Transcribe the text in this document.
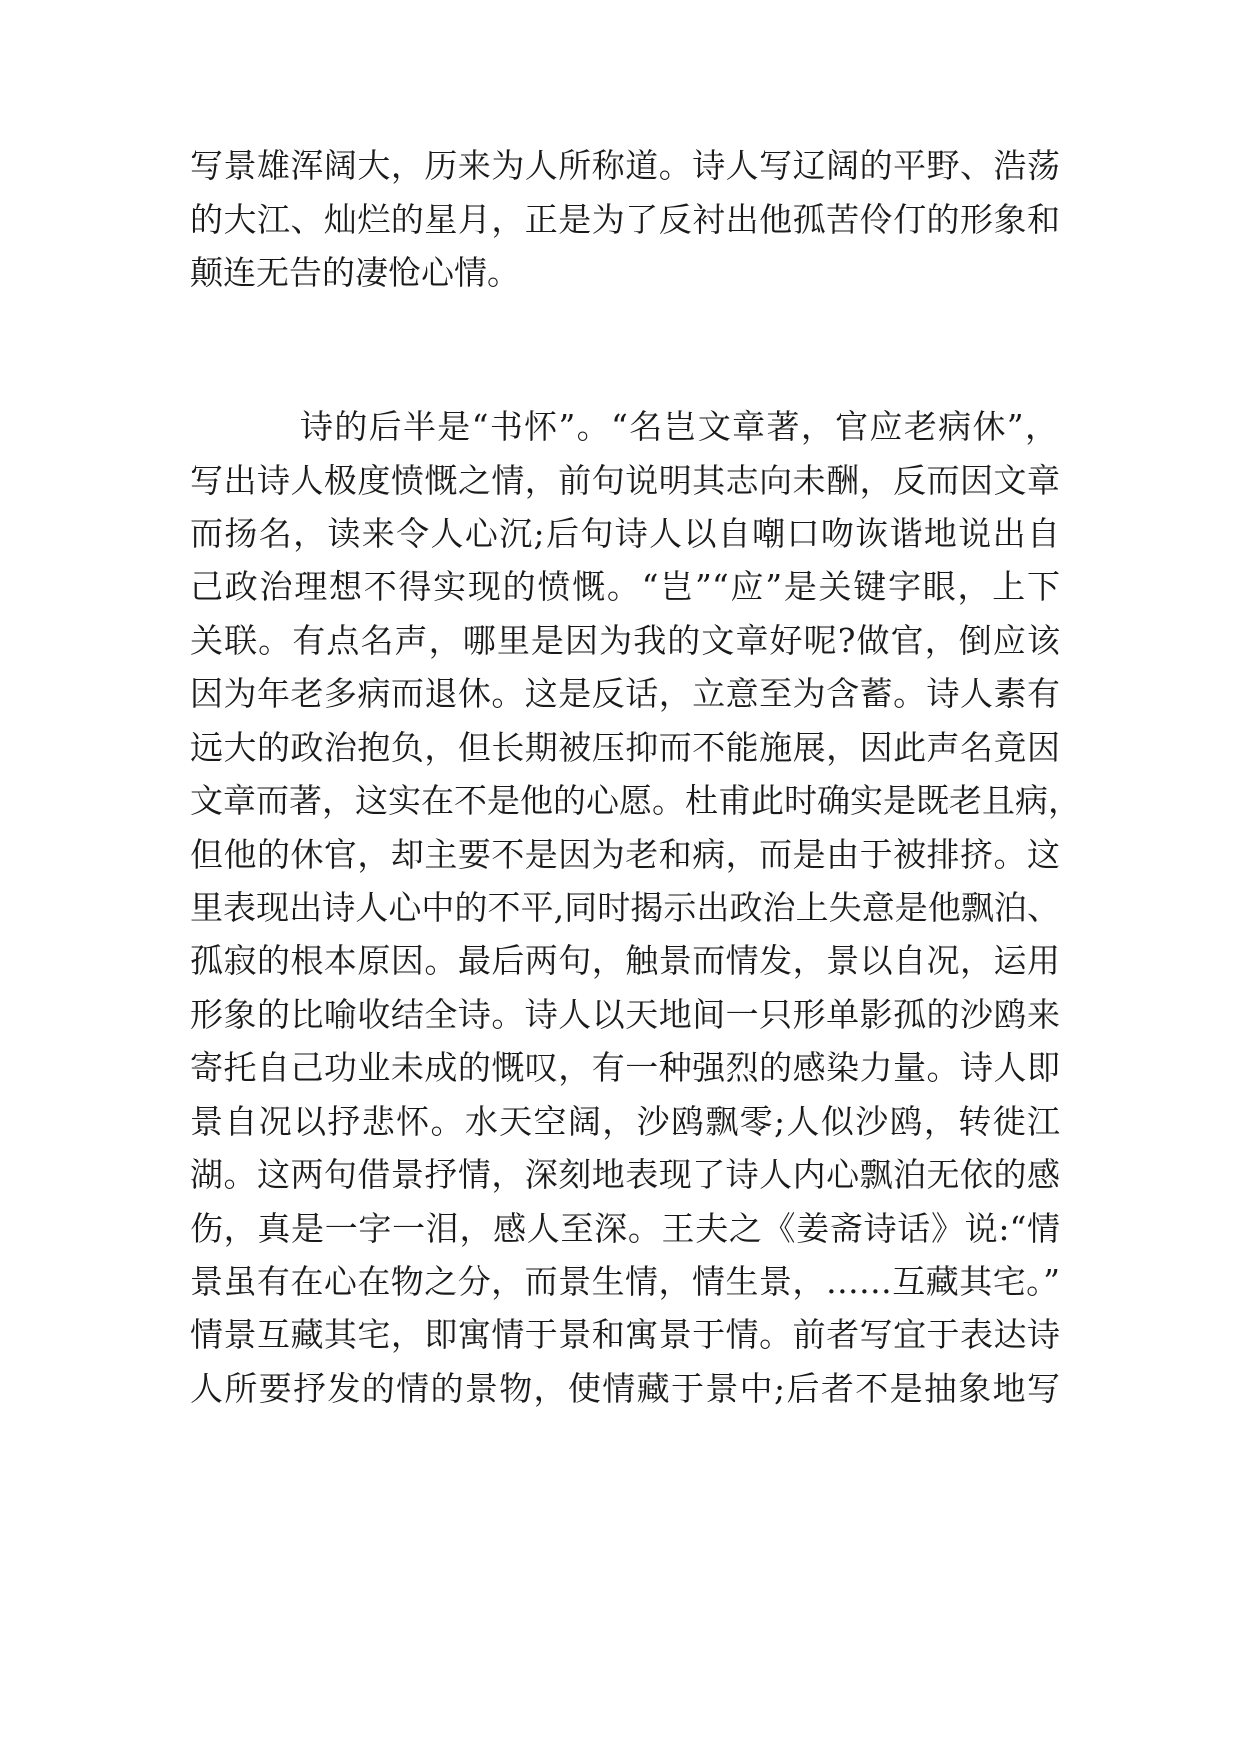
写景雄浑阔大，历来为人所称道。诗人写辽阔的平野、浩荡
的大江、灿烂的星月，正是为了反衬出他孤苦伶仃的形象和
颠连无告的凄怆心情。
诗的后半是“书怀”。“名岂文章著，官应老病休”，
写出诗人极度愤慨之情，前句说明其志向未酬，反而因文章
而扬名，读来令人心沉;后句诗人以自嘲口吻诙谐地说出自
己政治理想不得实现的愤慨。“岂”“应”是关键字眼，上下
关联。有点名声，哪里是因为我的文章好呢?做官，倒应该
因为年老多病而退休。这是反话，立意至为含蓄。诗人素有
远大的政治抱负，但长期被压抑而不能施展，因此声名竟因
文章而著，这实在不是他的心愿。杜甫此时确实是既老且病，
但他的休官，却主要不是因为老和病，而是由于被排挤。这
里表现出诗人心中的不平,同时揭示出政治上失意是他飘泊、
孤寂的根本原因。最后两句，触景而情发，景以自况，运用
形象的比喻收结全诗。诗人以天地间一只形单影孤的沙鸥来
寄托自己功业未成的慨叹，有一种强烈的感染力量。诗人即
景自况以抒悲怀。水天空阔，沙鸥飘零;人似沙鸥，转徙江
湖。这两句借景抒情，深刻地表现了诗人内心飘泊无依的感
伤，真是一字一泪，感人至深。王夫之《姜斋诗话》说:“情
景虽有在心在物之分，而景生情，情生景，……互藏其宅。”
情景互藏其宅，即寓情于景和寓景于情。前者写宜于表达诗
人所要抒发的情的景物，使情藏于景中;后者不是抽象地写
